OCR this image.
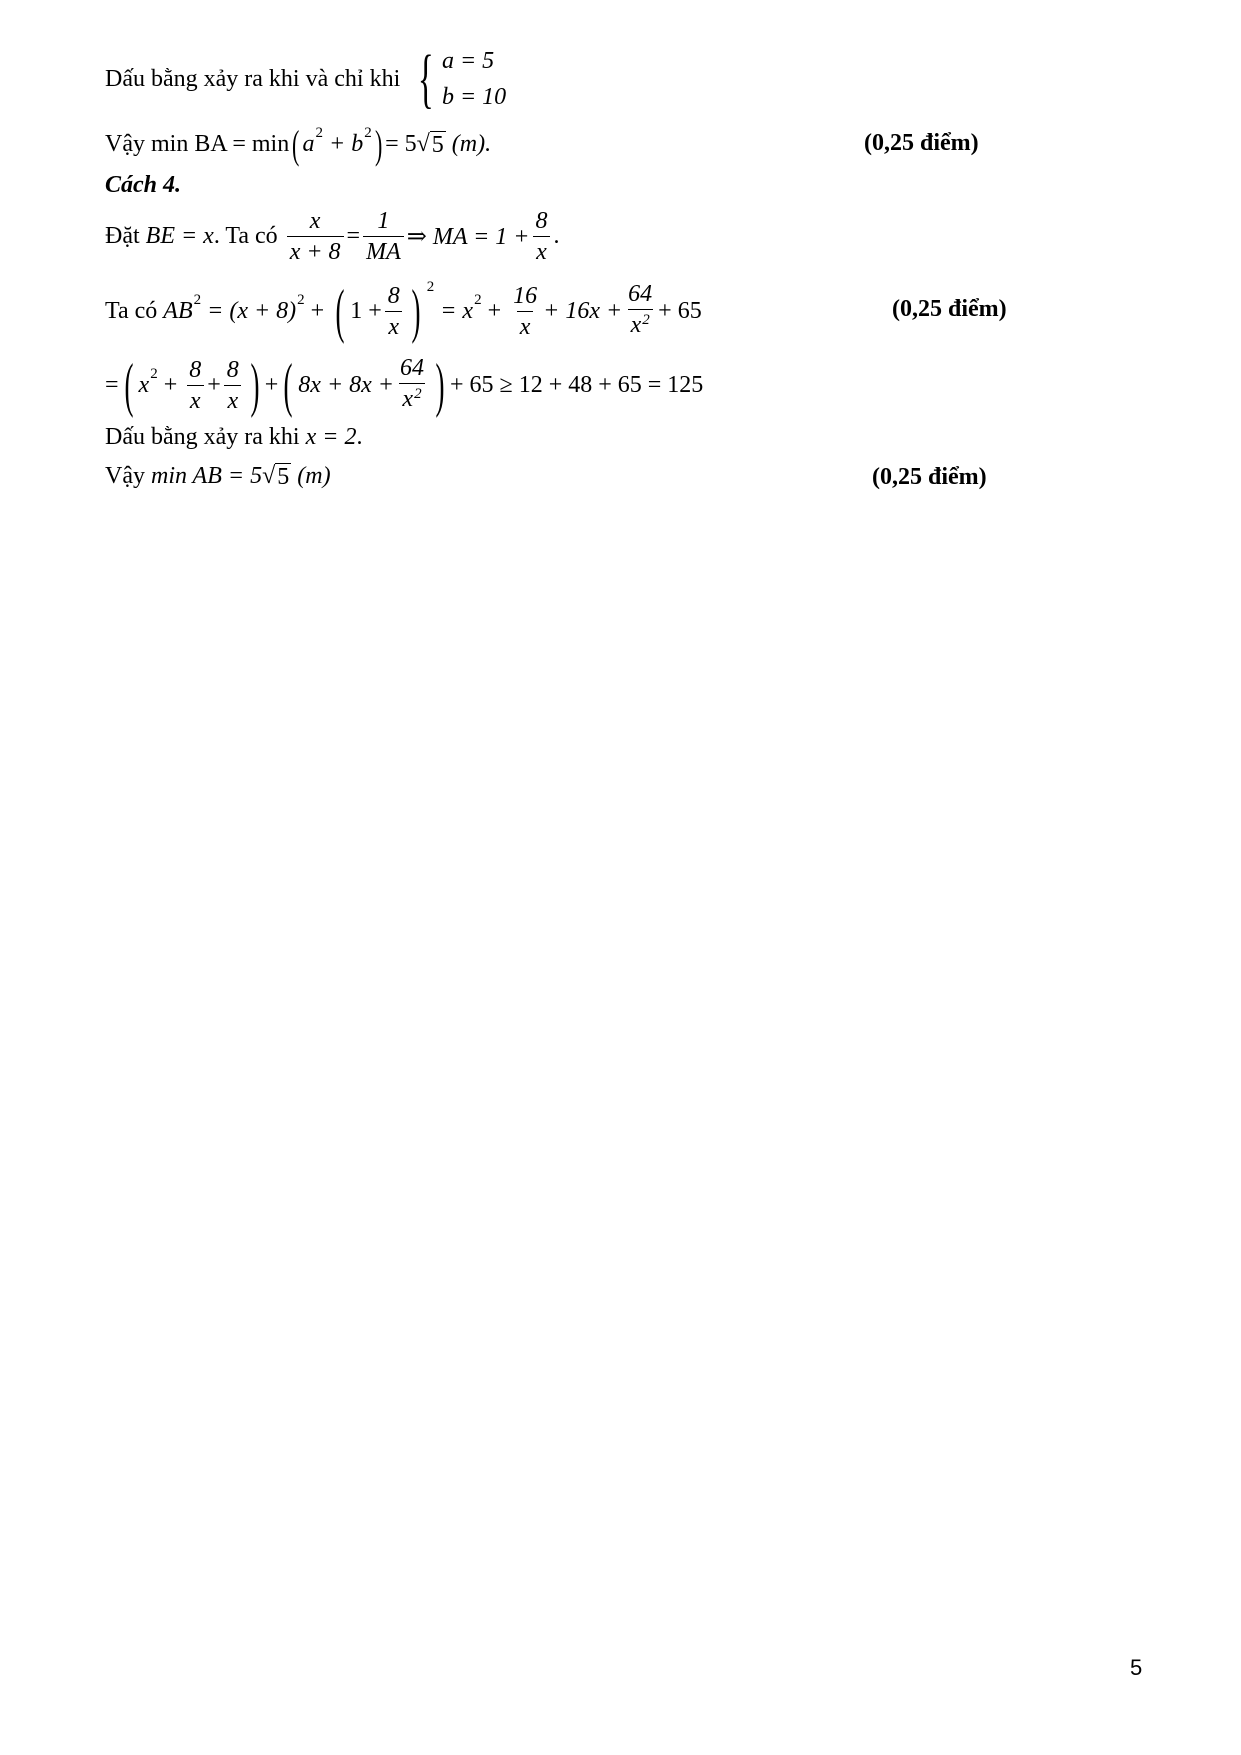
Dấu bằng xảy ra khi và chỉ khi { a = 5
b = 10
Vậy
min BA = min ( a 2
+ b 2 ) = 5 √ 5
(m).	(0,25 điểm)
Cách 4.
Đặt
BE = x . Ta có $\frac{x}{x + 8} = \frac{1}{MA}$ ⇒ MA = $1 + \frac{8}{x}$ .
Ta có
AB 2
= (x + 8) 2 + ( $1 + \frac{8}{x}$ ) 2

= x $2 + \frac{16}{x} + 16x + \frac{64}{x^2} + 65$	(0,25 điểm)
= ( x $2 + \frac{8}{x} + \frac{8}{x}$ ) + ( $8x + 8x + \frac{64}{x^2}$ ) + 65 ≥ 12 + 48 + 65 = 125
Dấu bằng xảy ra khi
x = 2 .
Vậy
min AB = 5 √ 5
(m)	(0,25 điểm)
5
